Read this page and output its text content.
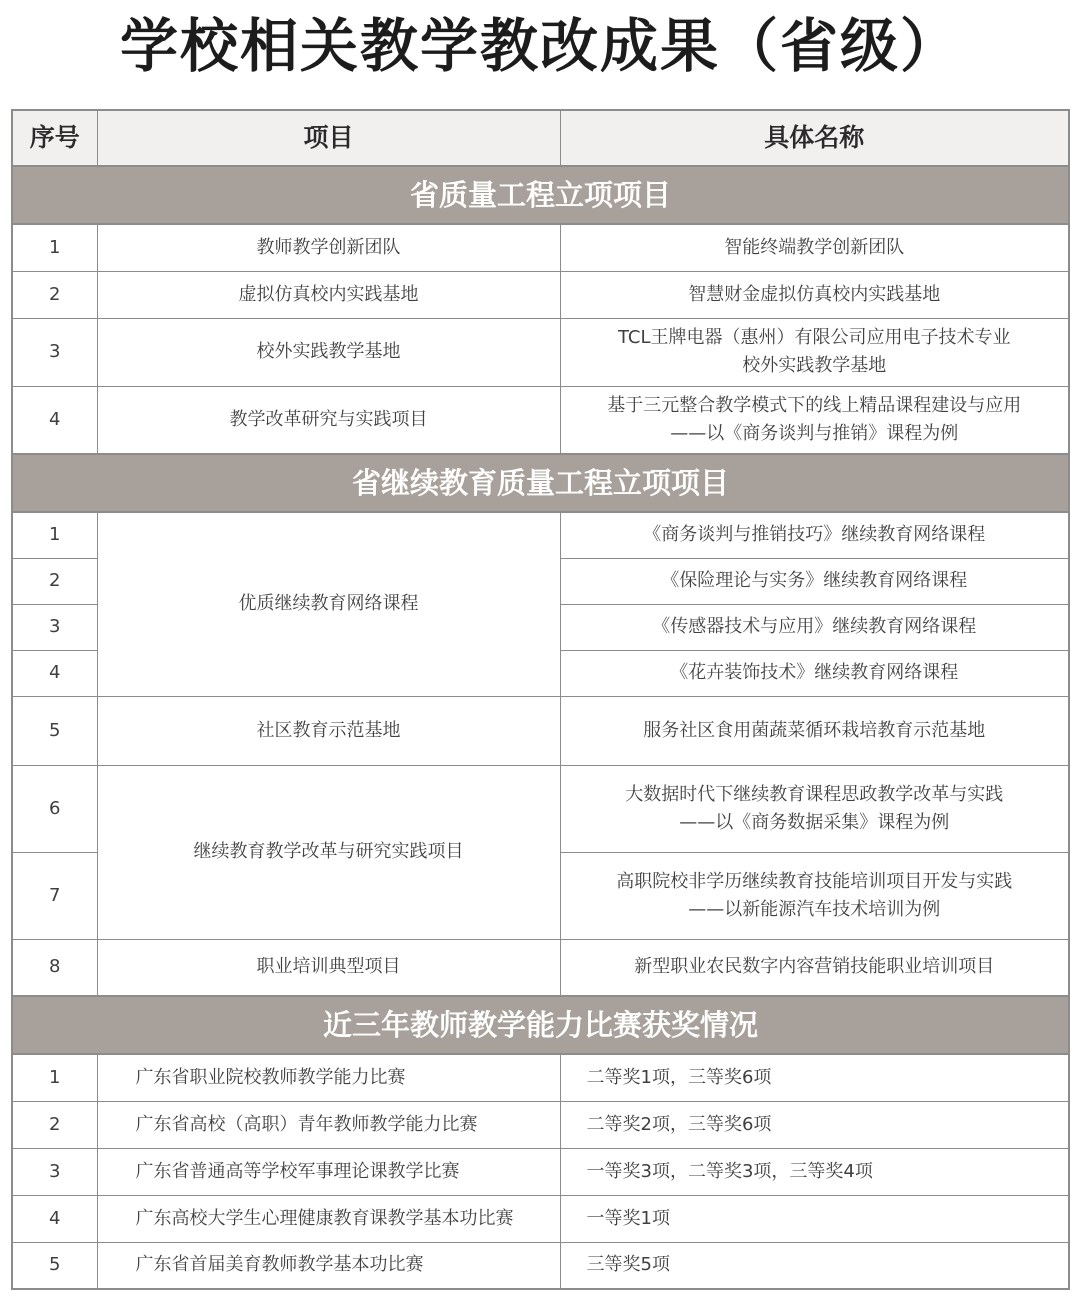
学校相关教学教改成果（省级）
序号	项目	具体名称
省质量工程立项项目		
1	教师教学创新团队	智能终端教学创新团队

2	虚拟仿真校内实践基地	智慧财金虚拟仿真校内实践基地

3	校外实践教学基地	TCL王牌电器（惠州）有限公司应用电子技术专业
校外实践教学基地

4	教学改革研究与实践项目	基于三元整合教学模式下的线上精品课程建设与应用
——以《商务谈判与推销》课程为例

省继续教育质量工程立项项目		
1	优质继续教育网络课程	《商务谈判与推销技巧》继续教育网络课程

2		《保险理论与实务》继续教育网络课程

3		《传感器技术与应用》继续教育网络课程

4		《花卉装饰技术》继续教育网络课程

5	社区教育示范基地	服务社区食用菌蔬菜循环栽培教育示范基地

6	继续教育教学改革与研究实践项目	大数据时代下继续教育课程思政教学改革与实践
——以《商务数据采集》课程为例

7		高职院校非学历继续教育技能培训项目开发与实践
——以新能源汽车技术培训为例

8	职业培训典型项目	新型职业农民数字内容营销技能职业培训项目

近三年教师教学能力比赛获奖情况		
1	广东省职业院校教师教学能力比赛	二等奖1项，三等奖6项

2	广东省高校（高职）青年教师教学能力比赛	二等奖2项，三等奖6项

3	广东省普通高等学校军事理论课教学比赛	一等奖3项，二等奖3项，三等奖4项

4	广东高校大学生心理健康教育课教学基本功比赛	一等奖1项

5	广东省首届美育教师教学基本功比赛	三等奖5项
